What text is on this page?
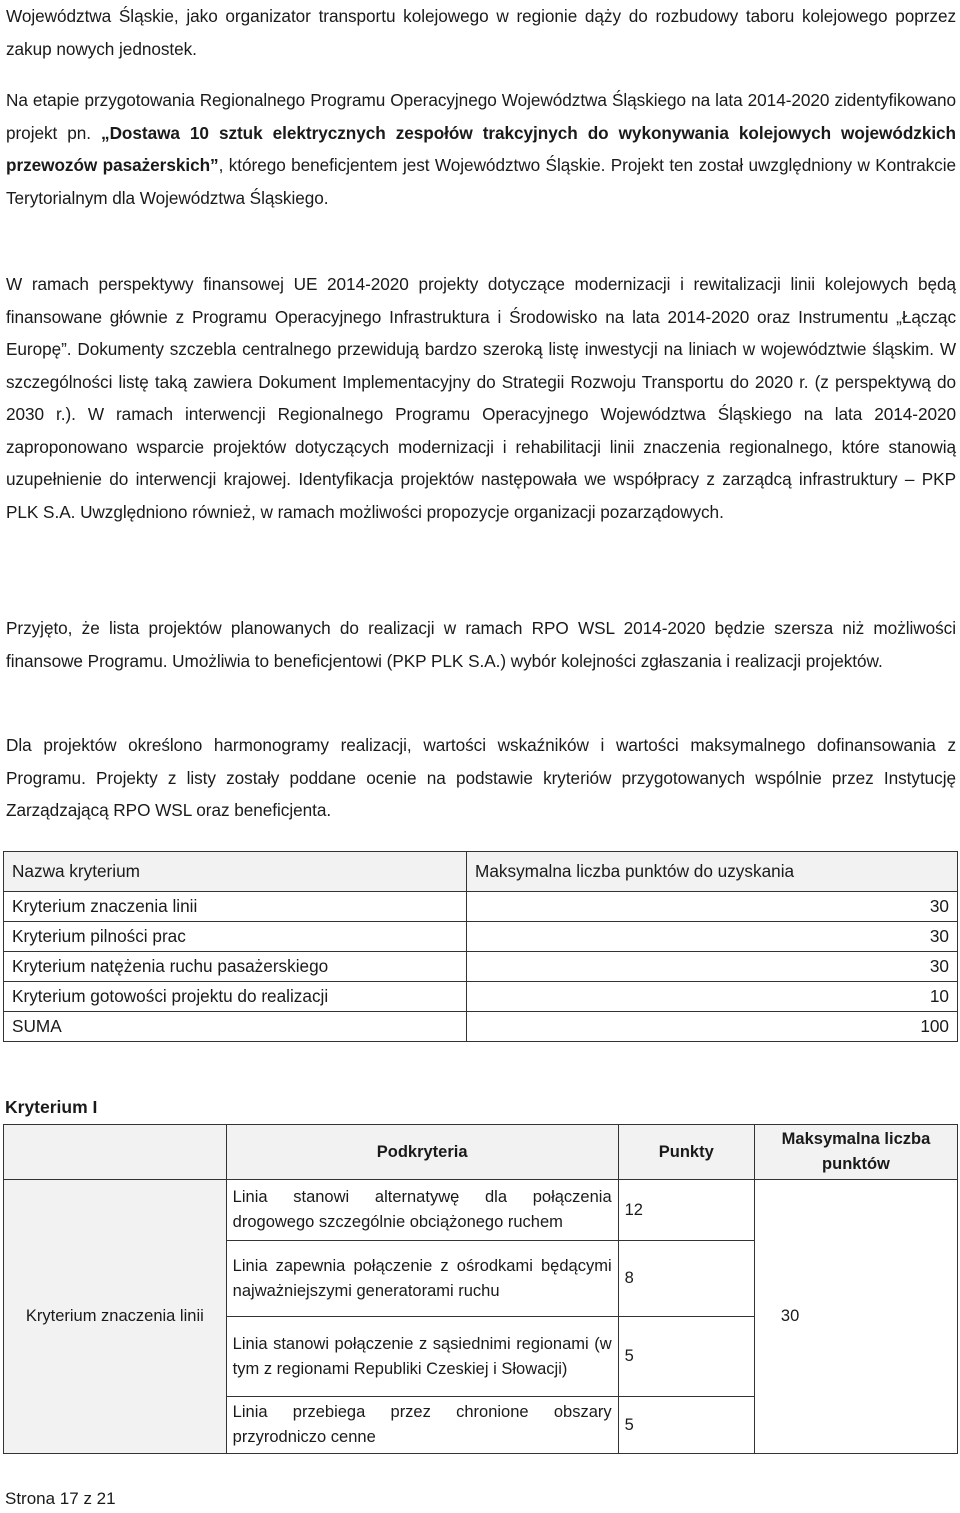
Województwa Śląskie, jako organizator transportu kolejowego w regionie dąży do rozbudowy taboru kolejowego poprzez zakup nowych jednostek.

Na etapie przygotowania Regionalnego Programu Operacyjnego Województwa Śląskiego na lata 2014-2020 zidentyfikowano projekt pn. „Dostawa 10 sztuk elektrycznych zespołów trakcyjnych do wykonywania kolejowych wojewódzkich przewozów pasażerskich”, którego beneficjentem jest Województwo Śląskie. Projekt ten został uwzględniony w Kontrakcie Terytorialnym dla Województwa Śląskiego.

W ramach perspektywy finansowej UE 2014-2020 projekty dotyczące modernizacji i rewitalizacji linii kolejowych będą finansowane głównie z Programu Operacyjnego Infrastruktura i Środowisko na lata 2014-2020 oraz Instrumentu „Łącząc Europę”. Dokumenty szczebla centralnego przewidują bardzo szeroką listę inwestycji na liniach w województwie śląskim. W szczególności listę taką zawiera Dokument Implementacyjny do Strategii Rozwoju Transportu do 2020 r. (z perspektywą do 2030 r.). W ramach interwencji Regionalnego Programu Operacyjnego Województwa Śląskiego na lata 2014-2020 zaproponowano wsparcie projektów dotyczących modernizacji i rehabilitacji linii znaczenia regionalnego, które stanowią uzupełnienie do interwencji krajowej. Identyfikacja projektów następowała we współpracy z zarządcą infrastruktury – PKP PLK S.A. Uwzględniono również, w ramach możliwości propozycje organizacji pozarządowych.

Przyjęto, że lista projektów planowanych do realizacji w ramach RPO WSL 2014-2020 będzie szersza niż możliwości finansowe Programu. Umożliwia to beneficjentowi (PKP PLK S.A.) wybór kolejności zgłaszania i realizacji projektów.

Dla projektów określono harmonogramy realizacji, wartości wskaźników i wartości maksymalnego dofinansowania z Programu. Projekty z listy zostały poddane ocenie na podstawie kryteriów przygotowanych wspólnie przez Instytucję Zarządzającą RPO WSL oraz beneficjenta.

Nazwa kryterium	Maksymalna liczba punktów do uzyskania
Kryterium znaczenia linii	30
Kryterium pilności prac	30
Kryterium natężenia ruchu pasażerskiego	30
Kryterium gotowości projektu do realizacji	10
SUMA	100

Kryterium I

	Podkryteria	Punkty	Maksymalna liczba punktów
Kryterium znaczenia linii	Linia stanowi alternatywę dla połączenia drogowego szczególnie obciążonego ruchem	12	30
	Linia zapewnia połączenie z ośrodkami będącymi najważniejszymi generatorami ruchu	8	
	Linia stanowi połączenie z sąsiednimi regionami (w tym z regionami Republiki Czeskiej i Słowacji)	5	
	Linia przebiega przez chronione obszary przyrodniczo cenne	5	

Strona 17 z 21
